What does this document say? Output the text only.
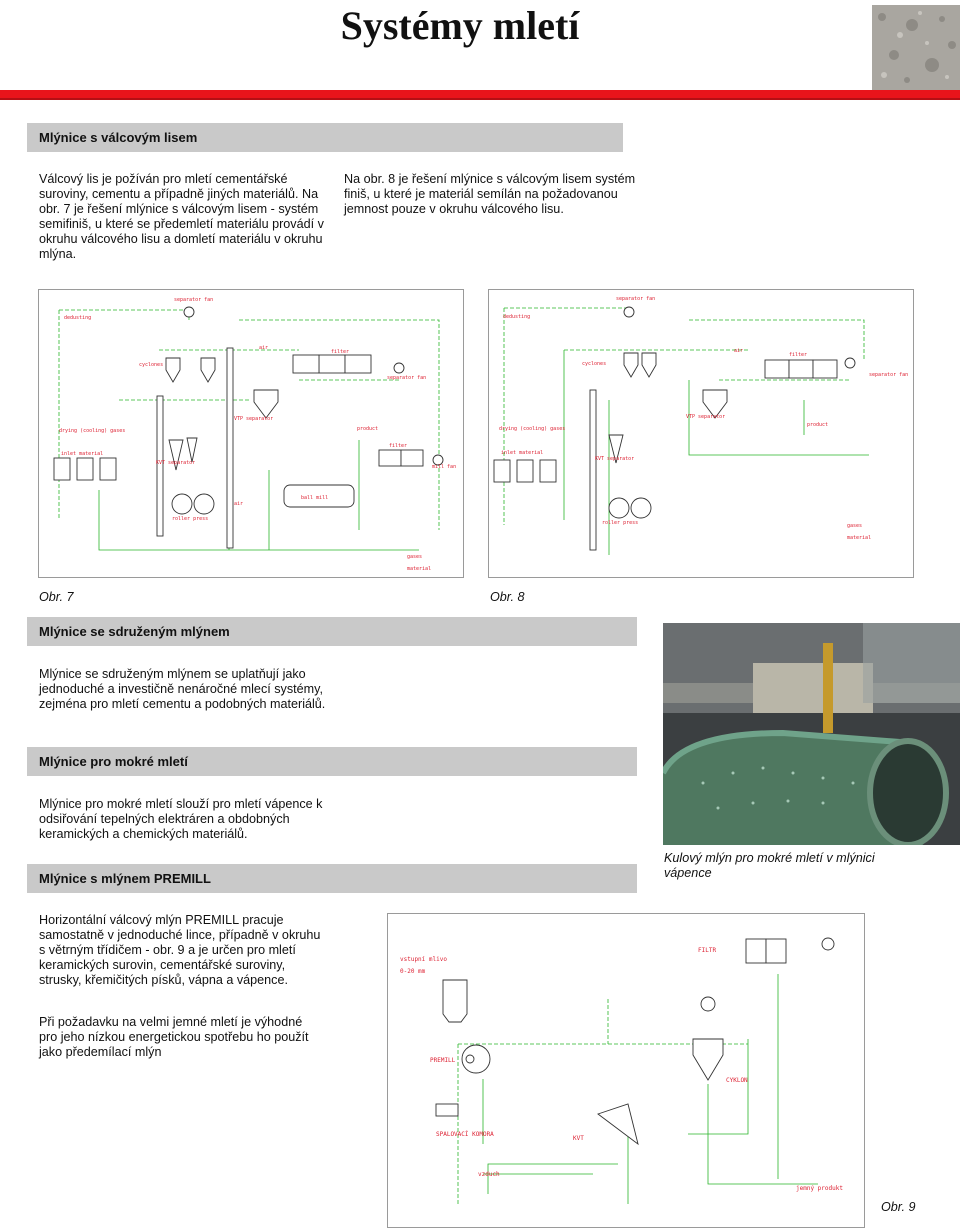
Systémy mletí
Mlýnice s válcovým lisem
Válcový lis je požíván pro mletí cementářské suroviny, cementu a případně jiných materiálů. Na obr. 7 je řešení mlýnice s válcovým lisem - systém semifiniš, u které se předemletí materiálu provádí v okruhu válcového lisu a domletí materiálu v okruhu mlýna.
Na obr. 8 je řešení mlýnice s válcovým lisem systém finiš, u které je materiál semílán na požadovanou jemnost pouze v okruhu válcového lisu.
separator fan
dedusting
air
cyclones
filter
separator fan
VTP separator
product
drying (cooling) gases
inlet material
KVT separator
filter
mill fan
ball mill
air
roller press
gases
material
separator fan
dedusting
air
cyclones
filter
separator fan
VTP separator
product
drying (cooling) gases
inlet material
KVT separator
roller press	gases
material
Obr. 7	Obr. 8
Mlýnice se sdruženým mlýnem
Mlýnice se sdruženým mlýnem se uplatňují jako jednoduché a investičně nenáročné mlecí systémy, zejména pro mletí cementu a podobných materiálů.
Kulový mlýn pro mokré mletí v mlýnici vápence
Mlýnice pro mokré mletí
Mlýnice pro mokré mletí slouží pro mletí vápence k odsiřování tepelných elektráren a obdobných keramických a chemických materiálů.
Mlýnice s mlýnem PREMILL
Horizontální válcový mlýn PREMILL pracuje samostatně v jednoduché lince, případně v okruhu s větrným třídičem - obr. 9 a je určen pro mletí keramických surovin, cementářské suroviny, strusky, křemičitých písků, vápna a vápence.
Při požadavku na velmi jemné mletí je výhodné pro jeho nízkou energetickou spotřebu ho použít jako předemílací mlýn
vstupní mlivo
0-20 mm
FILTR
PREMILL
CYKLON
SPALOVACÍ KOMORA
KVT
vzduch
jemný produkt
Obr. 9
